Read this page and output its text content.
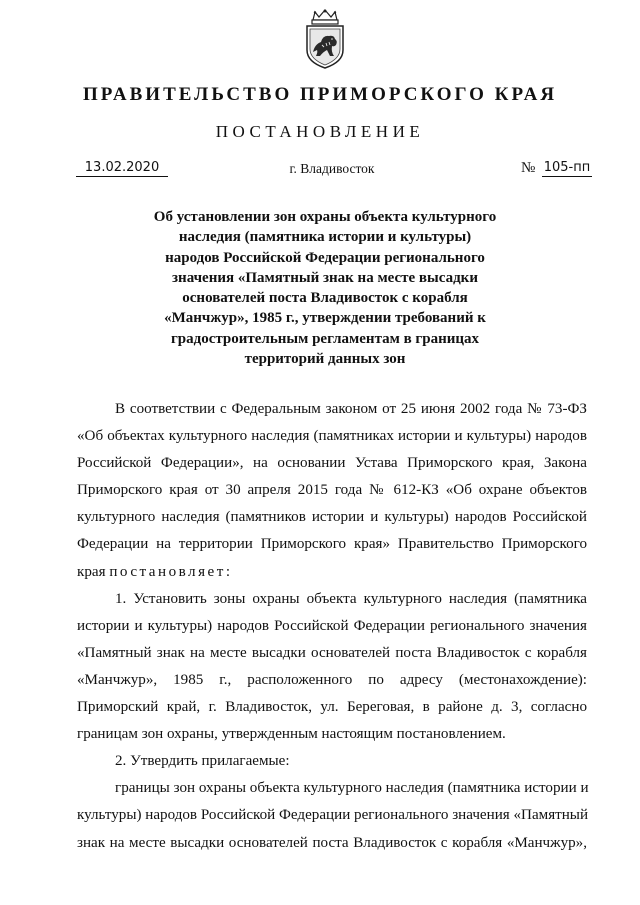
ПРАВИТЕЛЬСТВО ПРИМОРСКОГО КРАЯ
ПОСТАНОВЛЕНИЕ
13.02.2020	г. Владивосток	№ 105-пп
Об установлении зон охраны объекта культурного
наследия (памятника истории и культуры)
народов Российской Федерации регионального
значения «Памятный знак на месте высадки
основателей поста Владивосток с корабля
«Манчжур», 1985 г., утверждении требований к
градостроительным регламентам в границах
территорий данных зон
В соответствии с Федеральным законом от 25 июня 2002 года № 73-ФЗ
«Об объектах культурного наследия (памятниках истории и культуры) народов
Российской Федерации», на основании Устава Приморского края, Закона
Приморского края от 30 апреля 2015 года № 612-КЗ «Об охране объектов
культурного наследия (памятников истории и культуры) народов Российской
Федерации на территории Приморского края» Правительство Приморского
края постановляет:
1. Установить зоны охраны объекта культурного наследия (памятника
истории и культуры) народов Российской Федерации регионального значения
«Памятный знак на месте высадки основателей поста Владивосток с корабля
«Манчжур», 1985 г., расположенного по адресу (местонахождение):
Приморский край, г. Владивосток, ул. Береговая, в районе д. 3, согласно
границам зон охраны, утвержденным настоящим постановлением.
2. Утвердить прилагаемые:
границы зон охраны объекта культурного наследия (памятника истории и
культуры) народов Российской Федерации регионального значения «Памятный
знак на месте высадки основателей поста Владивосток с корабля «Манчжур»,
